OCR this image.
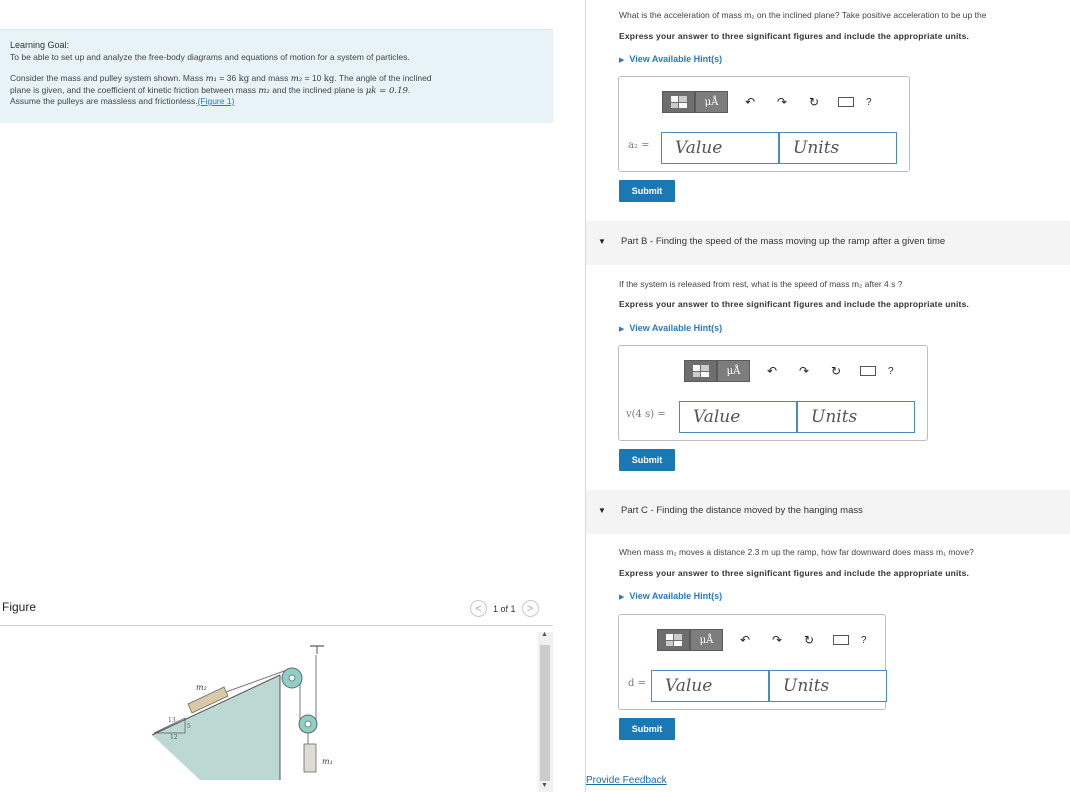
Learning Goal:
To be able to set up and analyze the free-body diagrams and equations of motion for a system of particles.
Consider the mass and pulley system shown. Mass m₁ = 36 kg and mass m₂ = 10 kg. The angle of the inclined
plane is given, and the coefficient of kinetic friction between mass m₂ and the inclined plane is μk = 0.19.
Assume the pulleys are massless and frictionless.(Figure 1)
Figure	<	1 of 1	>
13
5
12
m₂
m₁
▲
▼
What is the acceleration of mass m₂ on the inclined plane? Take positive acceleration to be up the
Express your answer to three significant figures and include the appropriate units.
▶ View Available Hint(s)
μÅ	↶	↷	↻	?
a₂ =	Value	Units
Submit
▼ Part B - Finding the speed of the mass moving up the ramp after a given time
If the system is released from rest, what is the speed of mass m₂ after 4 s ?
Express your answer to three significant figures and include the appropriate units.
▶ View Available Hint(s)
μÅ	↶	↷	↻	?
v(4 s) =	Value	Units
Submit
▼ Part C - Finding the distance moved by the hanging mass
When mass m₂ moves a distance 2.3 m up the ramp, how far downward does mass m₁ move?
Express your answer to three significant figures and include the appropriate units.
▶ View Available Hint(s)
μÅ	↶	↷	↻	?
d =	Value	Units
Submit
Provide Feedback
